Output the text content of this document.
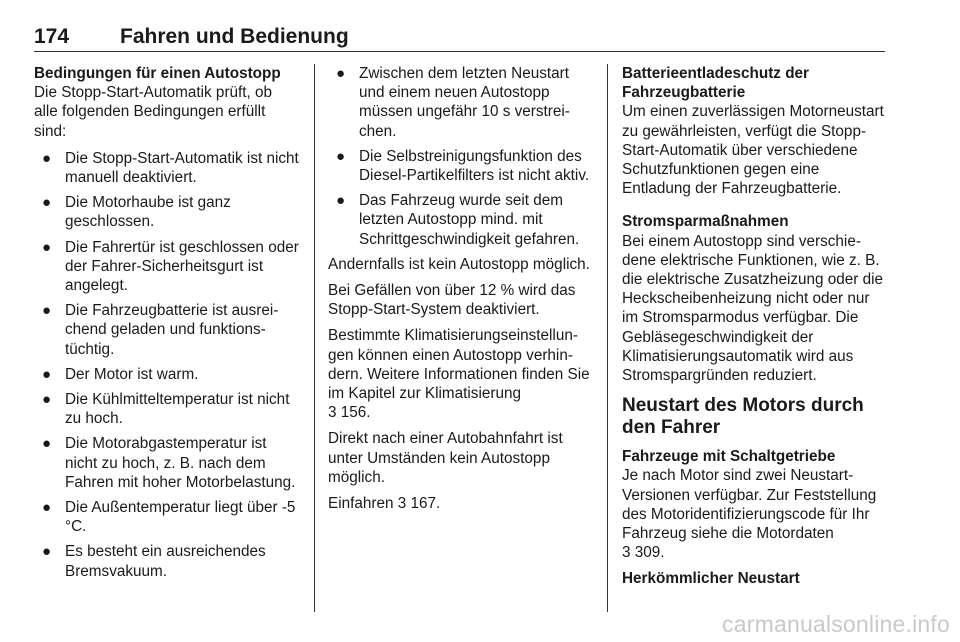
174 Fahren und Bedienung

Bedingungen für einen Autostopp

Die Stopp-Start-Automatik prüft, ob alle folgenden Bedingungen erfüllt sind:

● Die Stopp-Start-Automatik ist nicht manuell deaktiviert.
● Die Motorhaube ist ganz geschlossen.
● Die Fahrertür ist geschlossen oder der Fahrer-Sicherheitsgurt ist angelegt.
● Die Fahrzeugbatterie ist ausreichend geladen und funktionstüchtig.
● Der Motor ist warm.
● Die Kühlmitteltemperatur ist nicht zu hoch.
● Die Motorabgastemperatur ist nicht zu hoch, z. B. nach dem Fahren mit hoher Motorbelastung.
● Die Außentemperatur liegt über -5 °C.
● Es besteht ein ausreichendes Bremsvakuum.
● Zwischen dem letzten Neustart und einem neuen Autostopp müssen ungefähr 10 s verstreichen.
● Die Selbstreinigungsfunktion des Diesel-Partikelfilters ist nicht aktiv.
● Das Fahrzeug wurde seit dem letzten Autostopp mind. mit Schrittgeschwindigkeit gefahren.

Andernfalls ist kein Autostopp möglich.

Bei Gefällen von über 12 % wird das Stopp-Start-System deaktiviert.

Bestimmte Klimatisierungseinstellungen können einen Autostopp verhindern. Weitere Informationen finden Sie im Kapitel zur Klimatisierung
3 156.

Direkt nach einer Autobahnfahrt ist unter Umständen kein Autostopp möglich.

Einfahren 3 167.

Batterieentladeschutz der Fahrzeugbatterie

Um einen zuverlässigen Motorneustart zu gewährleisten, verfügt die Stopp-Start-Automatik über verschiedene Schutzfunktionen gegen eine Entladung der Fahrzeugbatterie.

Stromsparmaßnahmen

Bei einem Autostopp sind verschiedene elektrische Funktionen, wie z. B. die elektrische Zusatzheizung oder die Heckscheibenheizung nicht oder nur im Stromsparmodus verfügbar. Die Gebläsegeschwindigkeit der Klimatisierungsautomatik wird aus Stromspargründen reduziert.

Neustart des Motors durch den Fahrer

Fahrzeuge mit Schaltgetriebe

Je nach Motor sind zwei Neustart-Versionen verfügbar. Zur Feststellung des Motoridentifizierungscode für Ihr Fahrzeug siehe die Motordaten
3 309.

Herkömmlicher Neustart

carmanualsonline.info
